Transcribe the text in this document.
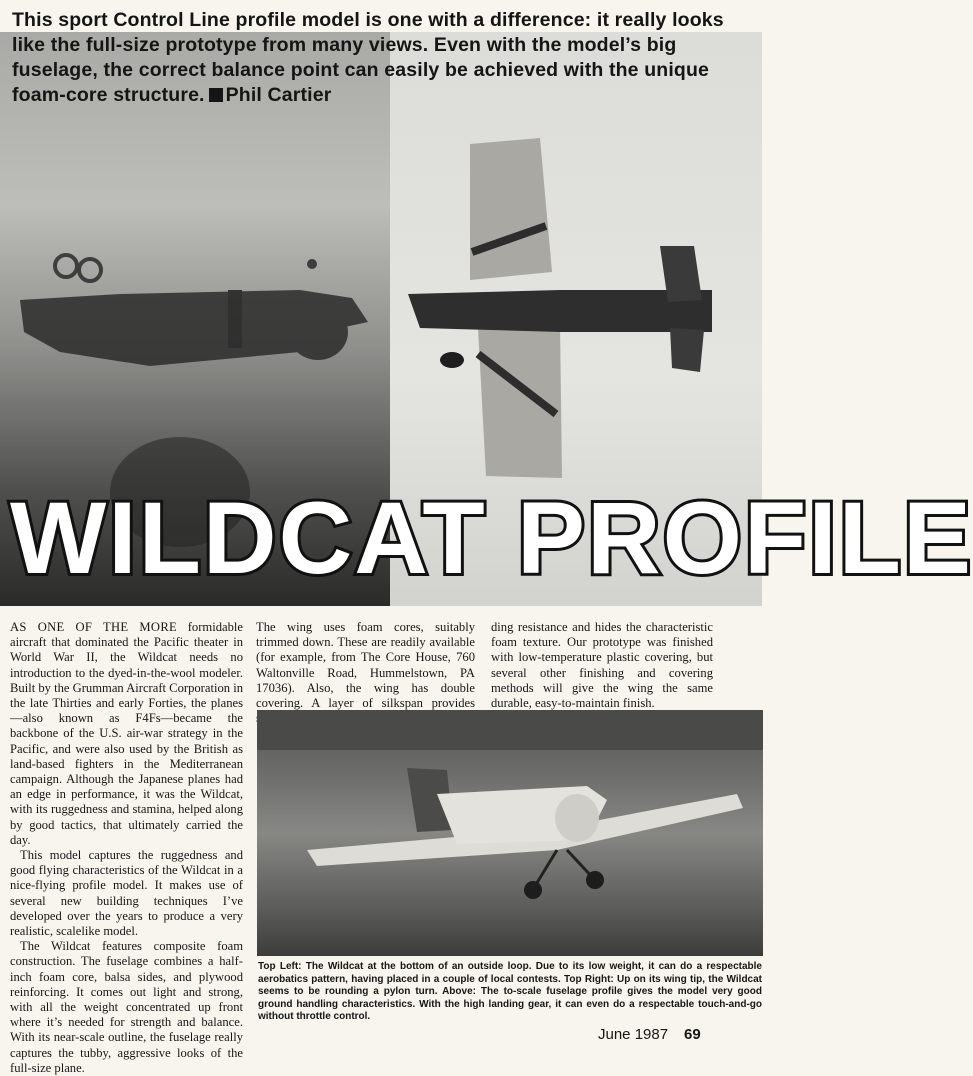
This sport Control Line profile model is one with a difference: it really looks like the full-size prototype from many views. Even with the model’s big fuselage, the correct balance point can easily be achieved with the unique foam-core structure. Phil Cartier

WILDCAT PROFILE

AS ONE OF THE MORE formidable aircraft that dominated the Pacific theater in World War II, the Wildcat needs no introduction to the dyed-in-the-wool modeler. Built by the Grumman Aircraft Corporation in the late Thirties and early Forties, the planes—also known as F4Fs—became the backbone of the U.S. air-war strategy in the Pacific, and were also used by the British as land-based fighters in the Mediterranean campaign. Although the Japanese planes had an edge in performance, it was the Wildcat, with its ruggedness and stamina, helped along by good tactics, that ultimately carried the day.

This model captures the ruggedness and good flying characteristics of the Wildcat in a nice-flying profile model. It makes use of several new building techniques I’ve developed over the years to produce a very realistic, scalelike model.

The Wildcat features composite foam construction. The fuselage combines a half-inch foam core, balsa sides, and plywood reinforcing. It comes out light and strong, with all the weight concentrated up front where it’s needed for strength and balance. With its near-scale outline, the fuselage really captures the tubby, aggressive looks of the full-size plane.

The wing uses foam cores, suitably trimmed down. These are readily available (for example, from The Core House, 760 Waltonville Road, Hummelstown, PA 17036). Also, the wing has double covering. A layer of silkspan provides

ding resistance and hides the characteristic foam texture. Our prototype was finished with low-temperature plastic covering, but several other finishing and covering methods will give the wing the same durable, easy-to-maintain finish.

Top Left: The Wildcat at the bottom of an outside loop. Due to its low weight, it can do a respectable aerobatics pattern, having placed in a couple of local contests. Top Right: Up on its wing tip, the Wildcat seems to be rounding a pylon turn. Above: The to-scale fuselage profile gives the model very good ground handling characteristics. With the high landing gear, it can even do a respectable touch-and-go without throttle control.

June 1987 69
